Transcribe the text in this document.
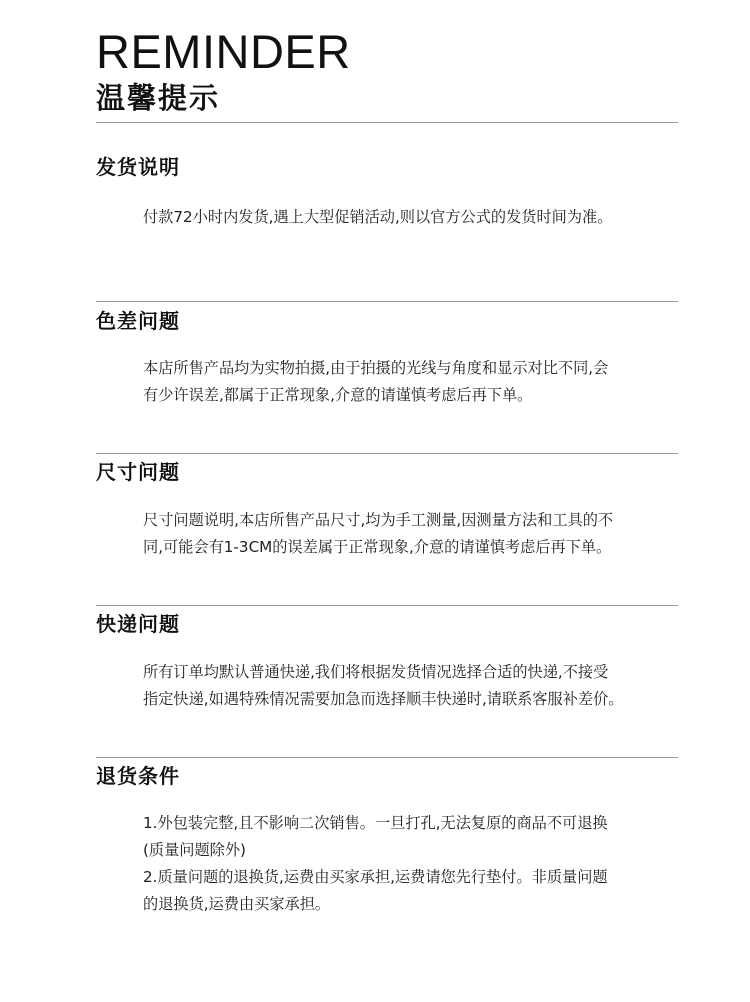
REMINDER
温馨提示
发货说明

付款72小时内发货,遇上大型促销活动,则以官方公式的发货时间为准。

色差问题

本店所售产品均为实物拍摄,由于拍摄的光线与角度和显示对比不同,会

有少许误差,都属于正常现象,介意的请谨慎考虑后再下单。

尺寸问题

尺寸问题说明,本店所售产品尺寸,均为手工测量,因测量方法和工具的不

同,可能会有1-3CM的误差属于正常现象,介意的请谨慎考虑后再下单。

快递问题

所有订单均默认普通快递,我们将根据发货情况选择合适的快递,不接受

指定快递,如遇特殊情况需要加急而选择顺丰快递时,请联系客服补差价。

退货条件

1.外包装完整,且不影响二次销售。一旦打孔,无法复原的商品不可退换

(质量问题除外)

2.质量问题的退换货,运费由买家承担,运费请您先行垫付。非质量问题

的退换货,运费由买家承担。
